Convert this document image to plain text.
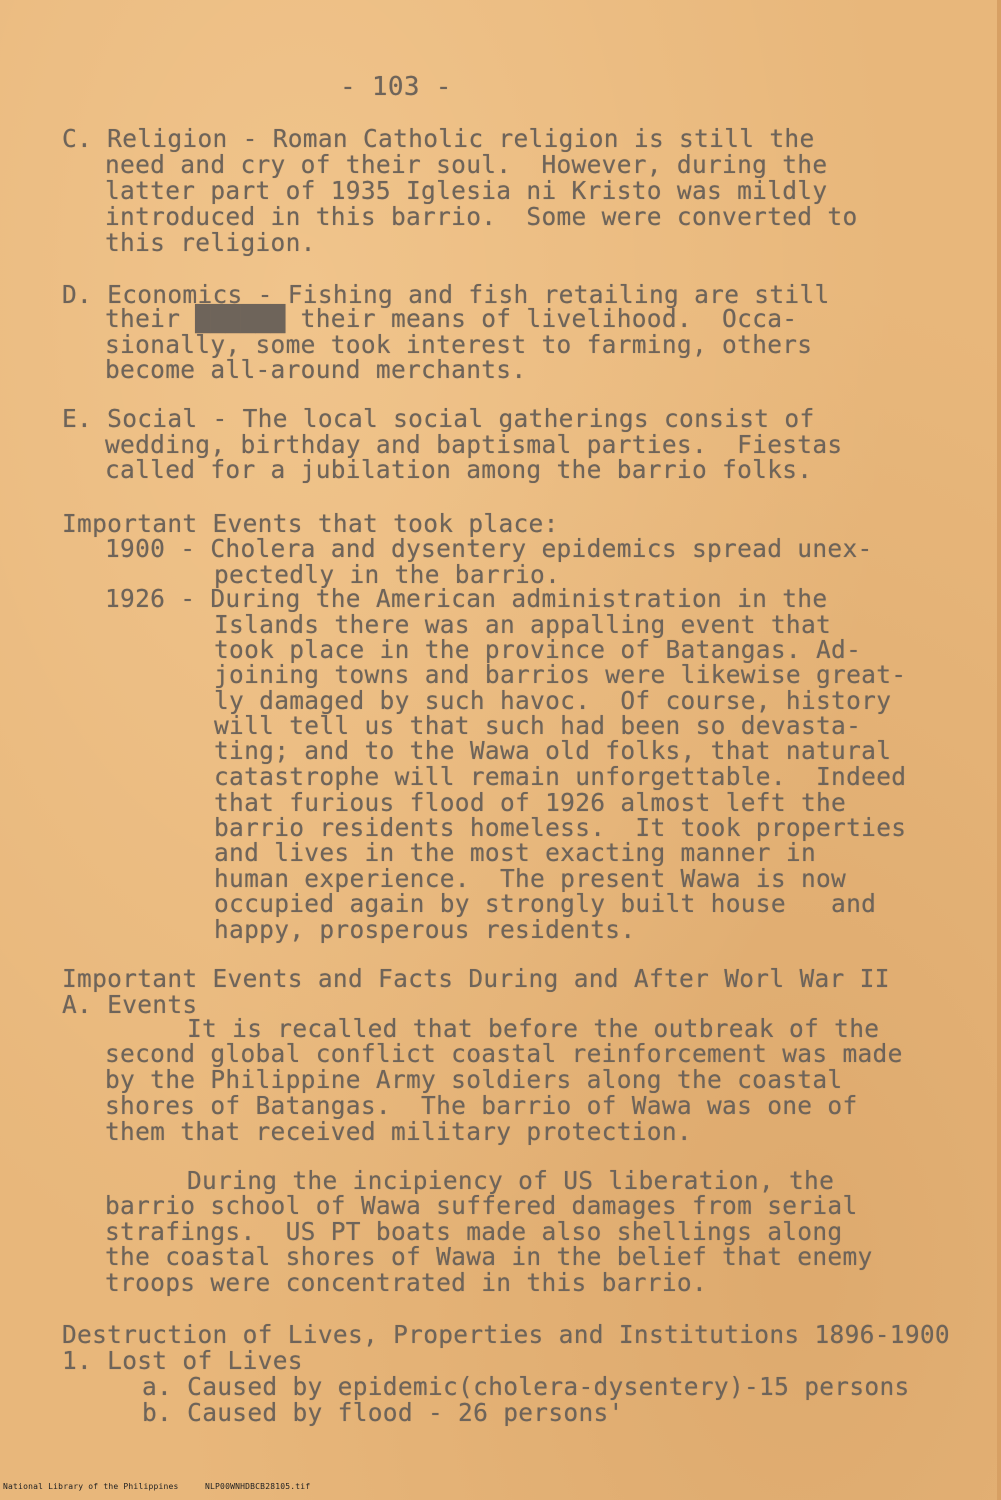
- 103 -
C. Religion - Roman Catholic religion is still the
need and cry of their soul.  However, during the
latter part of 1935 Iglesia ni Kristo was mildly
introduced in this barrio.  Some were converted to
this religion.
D. Economics - Fishing and fish retailing are still
their ██████ their means of livelihood.  Occa-
sionally, some took interest to farming, others
become all-around merchants.
E. Social - The local social gatherings consist of
wedding, birthday and baptismal parties.  Fiestas
called for a jubilation among the barrio folks.
Important Events that took place:
1900 - Cholera and dysentery epidemics spread unex-
pectedly in the barrio.
1926 - During the American administration in the
Islands there was an appalling event that
took place in the province of Batangas. Ad-
joining towns and barrios were likewise great-
ly damaged by such havoc.  Of course, history
will tell us that such had been so devasta-
ting; and to the Wawa old folks, that natural
catastrophe will remain unforgettable.  Indeed
that furious flood of 1926 almost left the
barrio residents homeless.  It took properties
and lives in the most exacting manner in
human experience.  The present Wawa is now
occupied again by strongly built house   and
happy, prosperous residents.
Important Events and Facts During and After Worl War II
A. Events
It is recalled that before the outbreak of the
second global conflict coastal reinforcement was made
by the Philippine Army soldiers along the coastal
shores of Batangas.  The barrio of Wawa was one of
them that received military protection.
During the incipiency of US liberation, the
barrio school of Wawa suffered damages from serial
strafings.  US PT boats made also shellings along
the coastal shores of Wawa in the belief that enemy
troops were concentrated in this barrio.
Destruction of Lives, Properties and Institutions 1896-1900
1. Lost of Lives
a. Caused by epidemic(cholera-dysentery)-15 persons
b. Caused by flood - 26 persons'
National Library of the Philippines	NLP00WNHDBCB28105.tif
